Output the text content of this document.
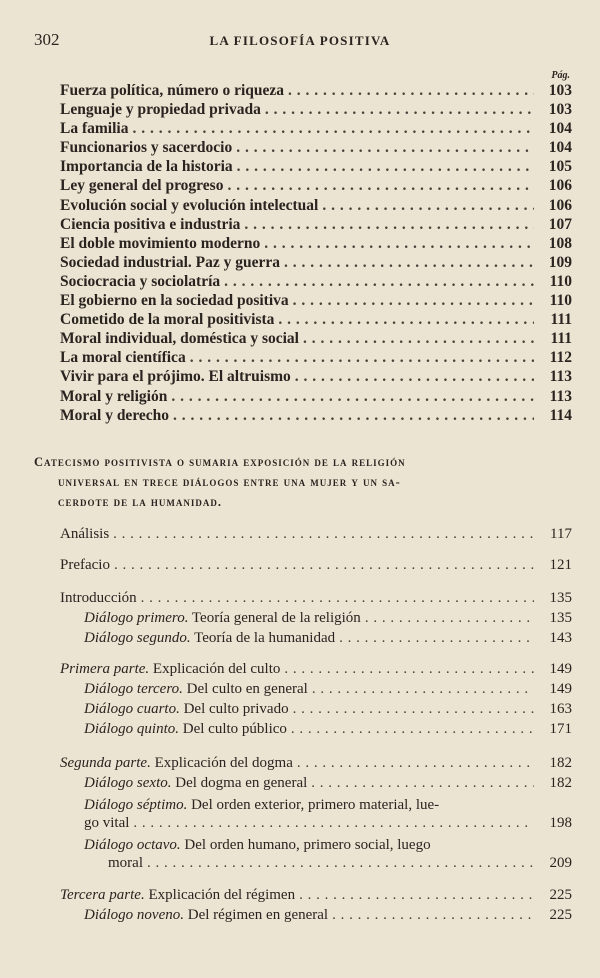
302	LA FILOSOFÍA POSITIVA
Pág.
Fuerza política, número o riqueza . . .	103
Lenguaje y propiedad privada . . .	103
La familia . . .	104
Funcionarios y sacerdocio . . .	104
Importancia de la historia . . .	105
Ley general del progreso . . .	106
Evolución social y evolución intelectual . . .	106
Ciencia positiva e industria . . .	107
El doble movimiento moderno . . .	108
Sociedad industrial. Paz y guerra . . .	109
Sociocracia y sociolatría . . .	110
El gobierno en la sociedad positiva . . .	110
Cometido de la moral positivista . . .	111
Moral individual, doméstica y social . . .	111
La moral científica . . .	112
Vivir para el prójimo. El altruismo . . .	113
Moral y religión . . .	113
Moral y derecho . . .	114
Catecismo positivista o sumaria exposición de la religión
universal en trece diálogos entre una mujer y un sa-
cerdote de la humanidad.
Análisis . . .	117
Prefacio . . .	121
Introducción . . .	135
Diálogo primero. Teoría general de la religión . . .	135
Diálogo segundo. Teoría de la humanidad . . .	143
Primera parte. Explicación del culto . . .	149
Diálogo tercero. Del culto en general . . .	149
Diálogo cuarto. Del culto privado . . .	163
Diálogo quinto. Del culto público . . .	171
Segunda parte. Explicación del dogma . . .	182
Diálogo sexto. Del dogma en general . . .	182
Diálogo séptimo. Del orden exterior, primero material, lue-
go vital . . .	198
Diálogo octavo. Del orden humano, primero social, luego
moral . . .	209
Tercera parte. Explicación del régimen . . .	225
Diálogo noveno. Del régimen en general . . .	225
